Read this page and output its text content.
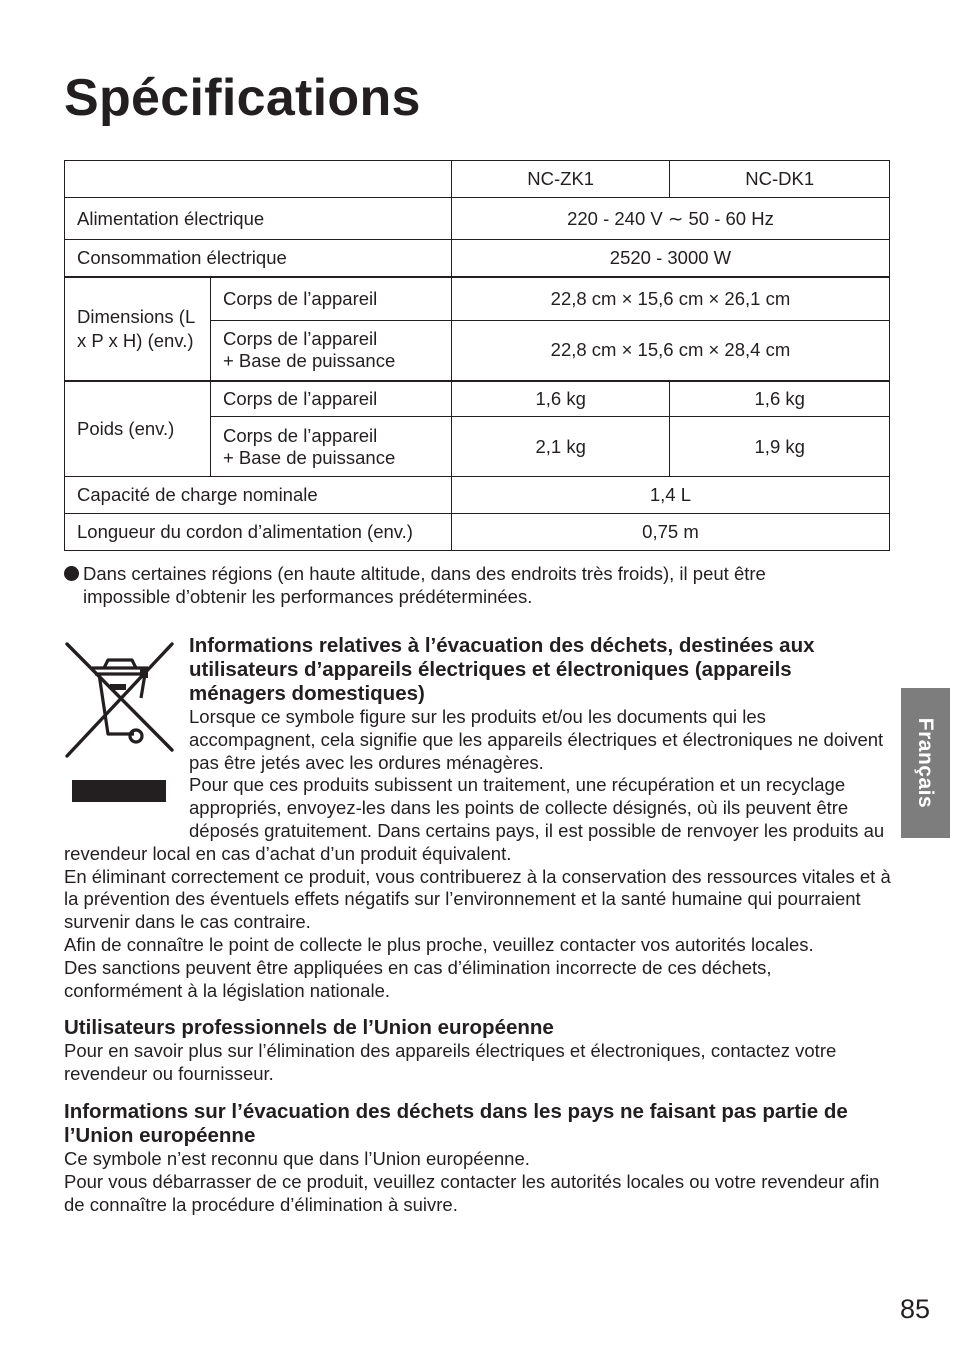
Spécifications
		NC-ZK1	NC-DK1
Alimentation électrique		220 - 240 V ∼ 50 - 60 Hz	
Consommation électrique		2520 - 3000 W	
Dimensions (L x P x H) (env.)	Corps de l’appareil	22,8 cm × 15,6 cm × 26,1 cm	

	Corps de l’appareil
+ Base de puissance	22,8 cm × 15,6 cm × 28,4 cm	
Poids (env.)	Corps de l’appareil	1,6 kg	1,6 kg

	Corps de l’appareil
+ Base de puissance	2,1 kg	1,9 kg
Capacité de charge nominale		1,4 L	
Longueur du cordon d’alimentation (env.)		0,75 m	
Dans certaines régions (en haute altitude, dans des endroits très froids), il peut être
impossible d’obtenir les performances prédéterminées.
Informations relatives à l’évacuation des déchets, destinées aux utilisateurs d’appareils électriques et électroniques (appareils ménagers domestiques)

Lorsque ce symbole figure sur les produits et/ou les documents qui les accompagnent, cela signifie que les appareils électriques et électroniques ne doivent pas être jetés avec les ordures ménagères.

Pour que ces produits subissent un traitement, une récupération et un recyclage appropriés, envoyez-les dans les points de collecte désignés, où ils peuvent être déposés gratuitement. Dans certains pays, il est possible de renvoyer les produits au revendeur local en cas d’achat d’un produit équivalent.

En éliminant correctement ce produit, vous contribuerez à la conservation des ressources vitales et à la prévention des éventuels effets négatifs sur l’environnement et la santé humaine qui pourraient survenir dans le cas contraire.

Afin de connaître le point de collecte le plus proche, veuillez contacter vos autorités locales.

Des sanctions peuvent être appliquées en cas d’élimination incorrecte de ces déchets, conformément à la législation nationale.

Utilisateurs professionnels de l’Union européenne

Pour en savoir plus sur l’élimination des appareils électriques et électroniques, contactez votre revendeur ou fournisseur.

Informations sur l’évacuation des déchets dans les pays ne faisant pas partie de l’Union européenne

Ce symbole n’est reconnu que dans l’Union européenne.

Pour vous débarrasser de ce produit, veuillez contacter les autorités locales ou votre revendeur afin de connaître la procédure d’élimination à suivre.

Français
85
